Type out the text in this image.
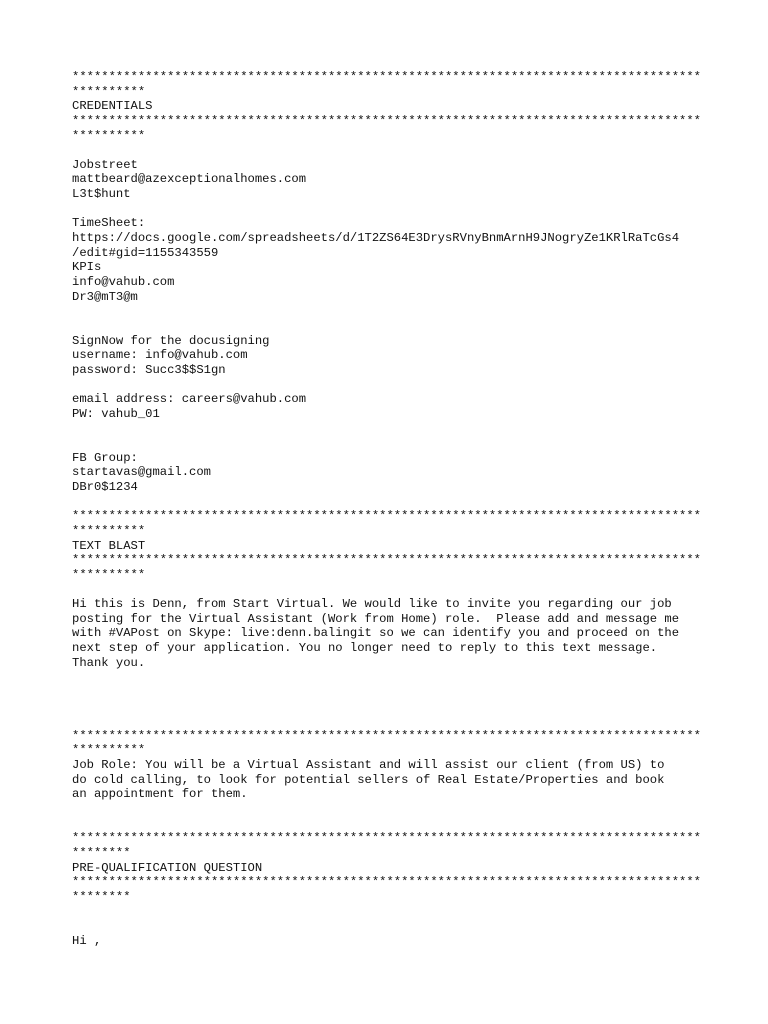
**************************************************************************************
**********
CREDENTIALS
**************************************************************************************
**********
Jobstreet
mattbeard@azexceptionalhomes.com
L3t$hunt
TimeSheet:
https://docs.google.com/spreadsheets/d/1T2ZS64E3DrysRVnyBnmArnH9JNogryZe1KRlRaTcGs4
/edit#gid=1155343559
KPIs
info@vahub.com
Dr3@mT3@m
SignNow for the docusigning
username: info@vahub.com
password: Succ3$$S1gn
email address: careers@vahub.com
PW: vahub_01
FB Group:
startavas@gmail.com
DBr0$1234
**************************************************************************************
**********
TEXT BLAST
**************************************************************************************
**********
Hi this is Denn, from Start Virtual. We would like to invite you regarding our job
posting for the Virtual Assistant (Work from Home) role.  Please add and message me
with #VAPost on Skype: live:denn.balingit so we can identify you and proceed on the
next step of your application. You no longer need to reply to this text message.
Thank you.
**************************************************************************************
**********
Job Role: You will be a Virtual Assistant and will assist our client (from US) to
do cold calling, to look for potential sellers of Real Estate/Properties and book
an appointment for them.
**************************************************************************************
********
PRE-QUALIFICATION QUESTION
**************************************************************************************
********
Hi ,
